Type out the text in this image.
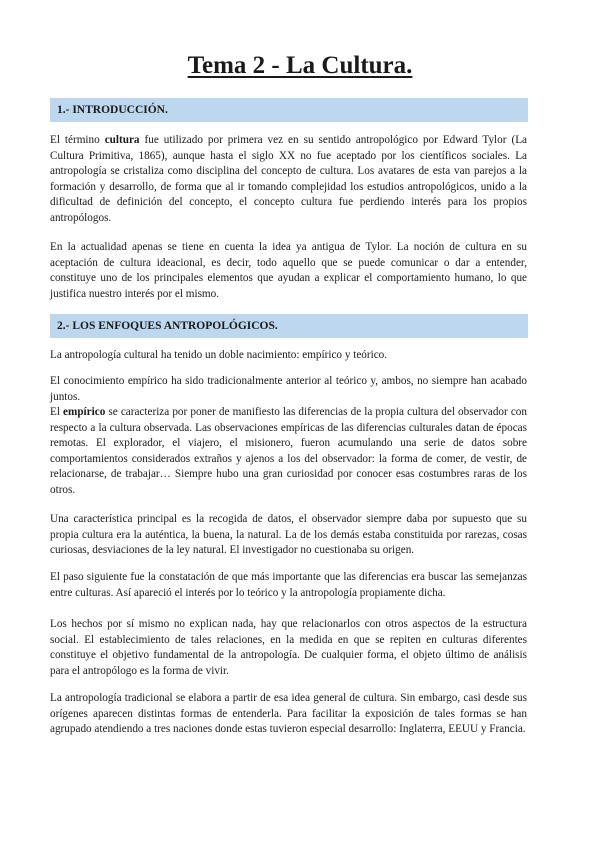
Tema 2 - La Cultura.
1.- INTRODUCCIÓN.

El término cultura fue utilizado por primera vez en su sentido antropológico por Edward Tylor (La Cultura Primitiva, 1865), aunque hasta el siglo XX no fue aceptado por los científicos sociales. La antropología se cristaliza como disciplina del concepto de cultura. Los avatares de esta van parejos a la formación y desarrollo, de forma que al ir tomando complejidad los estudios antropológicos, unido a la dificultad de definición del concepto, el concepto cultura fue perdiendo interés para los propios antropólogos.

En la actualidad apenas se tiene en cuenta la idea ya antigua de Tylor. La noción de cultura en su aceptación de cultura ideacional, es decir, todo aquello que se puede comunicar o dar a entender, constituye uno de los principales elementos que ayudan a explicar el comportamiento humano, lo que justifica nuestro interés por el mismo.

2.- LOS ENFOQUES ANTROPOLÓGICOS.

La antropología cultural ha tenido un doble nacimiento: empírico y teórico.

El conocimiento empírico ha sido tradicionalmente anterior al teórico y, ambos, no siempre han acabado juntos.

El empírico se caracteriza por poner de manifiesto las diferencias de la propia cultura del observador con respecto a la cultura observada. Las observaciones empíricas de las diferencias culturales datan de épocas remotas. El explorador, el viajero, el misionero, fueron acumulando una serie de datos sobre comportamientos considerados extraños y ajenos a los del observador: la forma de comer, de vestir, de relacionarse, de trabajar… Siempre hubo una gran curiosidad por conocer esas costumbres raras de los otros.

Una característica principal es la recogida de datos, el observador siempre daba por supuesto que su propia cultura era la auténtica, la buena, la natural. La de los demás estaba constituida por rarezas, cosas curiosas, desviaciones de la ley natural. El investigador no cuestionaba su origen.

El paso siguiente fue la constatación de que más importante que las diferencias era buscar las semejanzas entre culturas. Así apareció el interés por lo teórico y la antropología propiamente dicha.

Los hechos por sí mismo no explican nada, hay que relacionarlos con otros aspectos de la estructura social. El establecimiento de tales relaciones, en la medida en que se repiten en culturas diferentes constituye el objetivo fundamental de la antropología. De cualquier forma, el objeto último de análisis para el antropólogo es la forma de vivir.

La antropología tradicional se elabora a partir de esa idea general de cultura. Sin embargo, casi desde sus orígenes aparecen distintas formas de entenderla. Para facilitar la exposición de tales formas se han agrupado atendiendo a tres naciones donde estas tuvieron especial desarrollo: Inglaterra, EEUU y Francia.
